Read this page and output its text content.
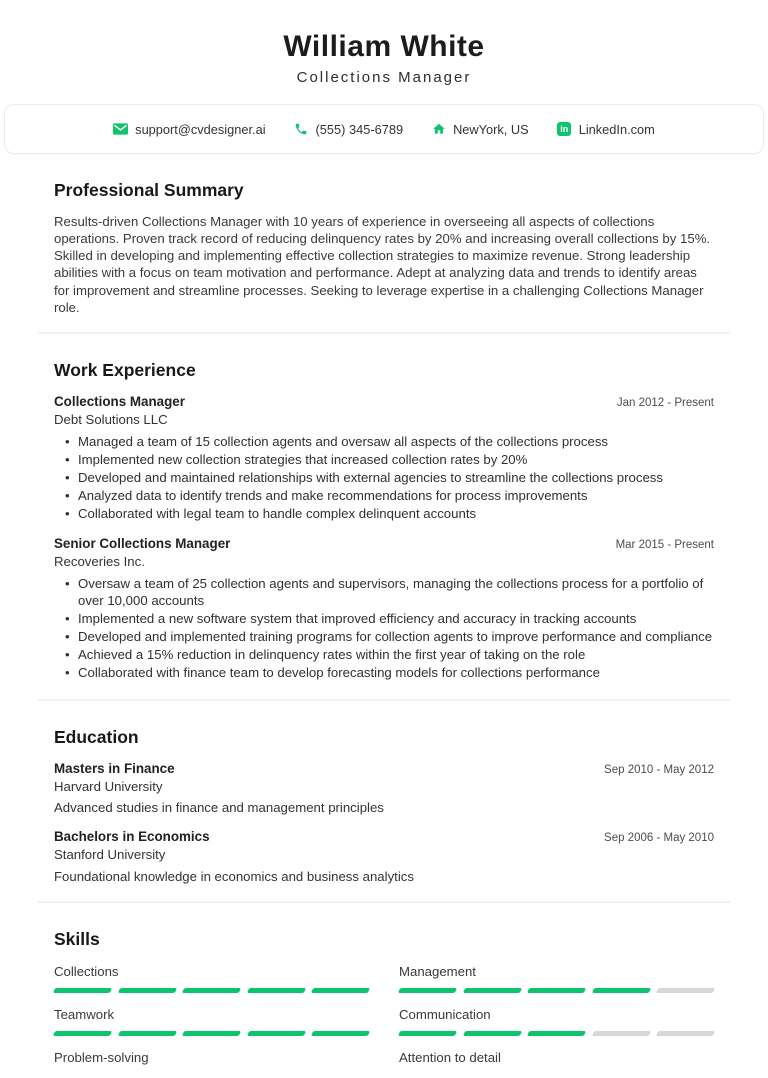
William White
Collections Manager
support@cvdesigner.ai	(555) 345-6789	NewYork, US	in LinkedIn.com
Professional Summary

Results-driven Collections Manager with 10 years of experience in overseeing all aspects of collections operations. Proven track record of reducing delinquency rates by 20% and increasing overall collections by 15%. Skilled in developing and implementing effective collection strategies to maximize revenue. Strong leadership abilities with a focus on team motivation and performance. Adept at analyzing data and trends to identify areas for improvement and streamline processes. Seeking to leverage expertise in a challenging Collections Manager role.

Work Experience
Collections Manager	Jan 2012 - Present
Debt Solutions LLC
• Managed a team of 15 collection agents and oversaw all aspects of the collections process
• Implemented new collection strategies that increased collection rates by 20%
• Developed and maintained relationships with external agencies to streamline the collections process
• Analyzed data to identify trends and make recommendations for process improvements
• Collaborated with legal team to handle complex delinquent accounts
Senior Collections Manager	Mar 2015 - Present
Recoveries Inc.
• Oversaw a team of 25 collection agents and supervisors, managing the collections process for a portfolio of over 10,000 accounts
• Implemented a new software system that improved efficiency and accuracy in tracking accounts
• Developed and implemented training programs for collection agents to improve performance and compliance
• Achieved a 15% reduction in delinquency rates within the first year of taking on the role
• Collaborated with finance team to develop forecasting models for collections performance
Education
Masters in Finance	Sep 2010 - May 2012
Harvard University
Advanced studies in finance and management principles
Bachelors in Economics	Sep 2006 - May 2010
Stanford University
Foundational knowledge in economics and business analytics
Skills
Collections	Management
Teamwork	Communication
Problem-solving	Attention to detail
